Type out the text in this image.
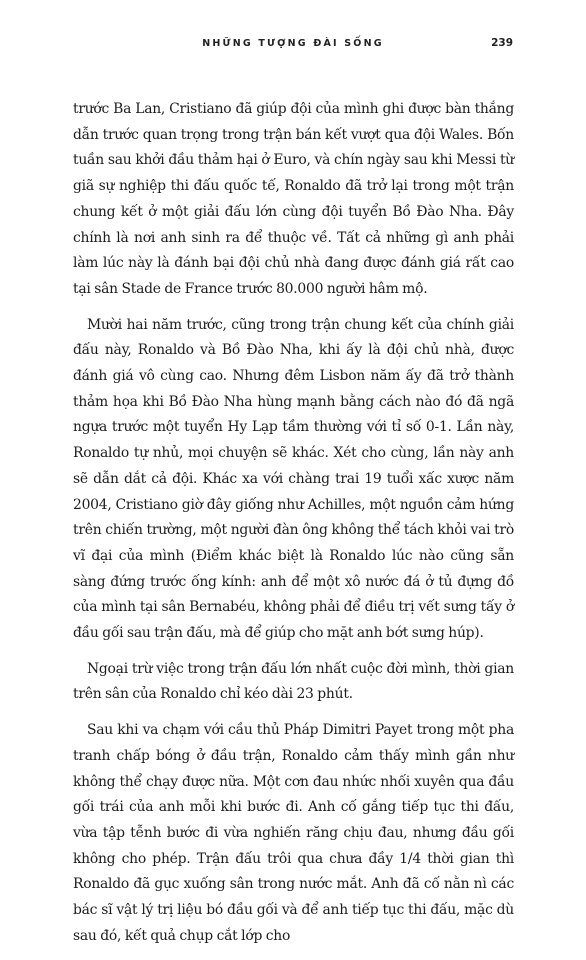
NHỮNG TƯỢNG ĐÀI SỐNG	239

trước Ba Lan, Cristiano đã giúp đội của mình ghi được bàn thắng dẫn trước quan trọng trong trận bán kết vượt qua đội Wales. Bốn tuần sau khởi đầu thảm hại ở Euro, và chín ngày sau khi Messi từ giã sự nghiệp thi đấu quốc tế, Ronaldo đã trở lại trong một trận chung kết ở một giải đấu lớn cùng đội tuyển Bồ Đào Nha. Đây chính là nơi anh sinh ra để thuộc về. Tất cả những gì anh phải làm lúc này là đánh bại đội chủ nhà đang được đánh giá rất cao tại sân Stade de France trước 80.000 người hâm mộ.

Mười hai năm trước, cũng trong trận chung kết của chính giải đấu này, Ronaldo và Bồ Đào Nha, khi ấy là đội chủ nhà, được đánh giá vô cùng cao. Nhưng đêm Lisbon năm ấy đã trở thành thảm họa khi Bồ Đào Nha hùng mạnh bằng cách nào đó đã ngã ngựa trước một tuyển Hy Lạp tầm thường với tỉ số 0-1. Lần này, Ronaldo tự nhủ, mọi chuyện sẽ khác. Xét cho cùng, lần này anh sẽ dẫn dắt cả đội. Khác xa với chàng trai 19 tuổi xấc xược năm 2004, Cristiano giờ đây giống như Achilles, một nguồn cảm hứng trên chiến trường, một người đàn ông không thể tách khỏi vai trò vĩ đại của mình (Điểm khác biệt là Ronaldo lúc nào cũng sẵn sàng đứng trước ống kính: anh để một xô nước đá ở tủ đựng đồ của mình tại sân Bernabéu, không phải để điều trị vết sưng tấy ở đầu gối sau trận đấu, mà để giúp cho mặt anh bớt sưng húp).

Ngoại trừ việc trong trận đấu lớn nhất cuộc đời mình, thời gian trên sân của Ronaldo chỉ kéo dài 23 phút.

Sau khi va chạm với cầu thủ Pháp Dimitri Payet trong một pha tranh chấp bóng ở đầu trận, Ronaldo cảm thấy mình gần như không thể chạy được nữa. Một cơn đau nhức nhối xuyên qua đầu gối trái của anh mỗi khi bước đi. Anh cố gắng tiếp tục thi đấu, vừa tập tễnh bước đi vừa nghiến răng chịu đau, nhưng đầu gối không cho phép. Trận đấu trôi qua chưa đầy 1/4 thời gian thì Ronaldo đã gục xuống sân trong nước mắt. Anh đã cố nằn nì các bác sĩ vật lý trị liệu bó đầu gối và để anh tiếp tục thi đấu, mặc dù sau đó, kết quả chụp cắt lớp cho
